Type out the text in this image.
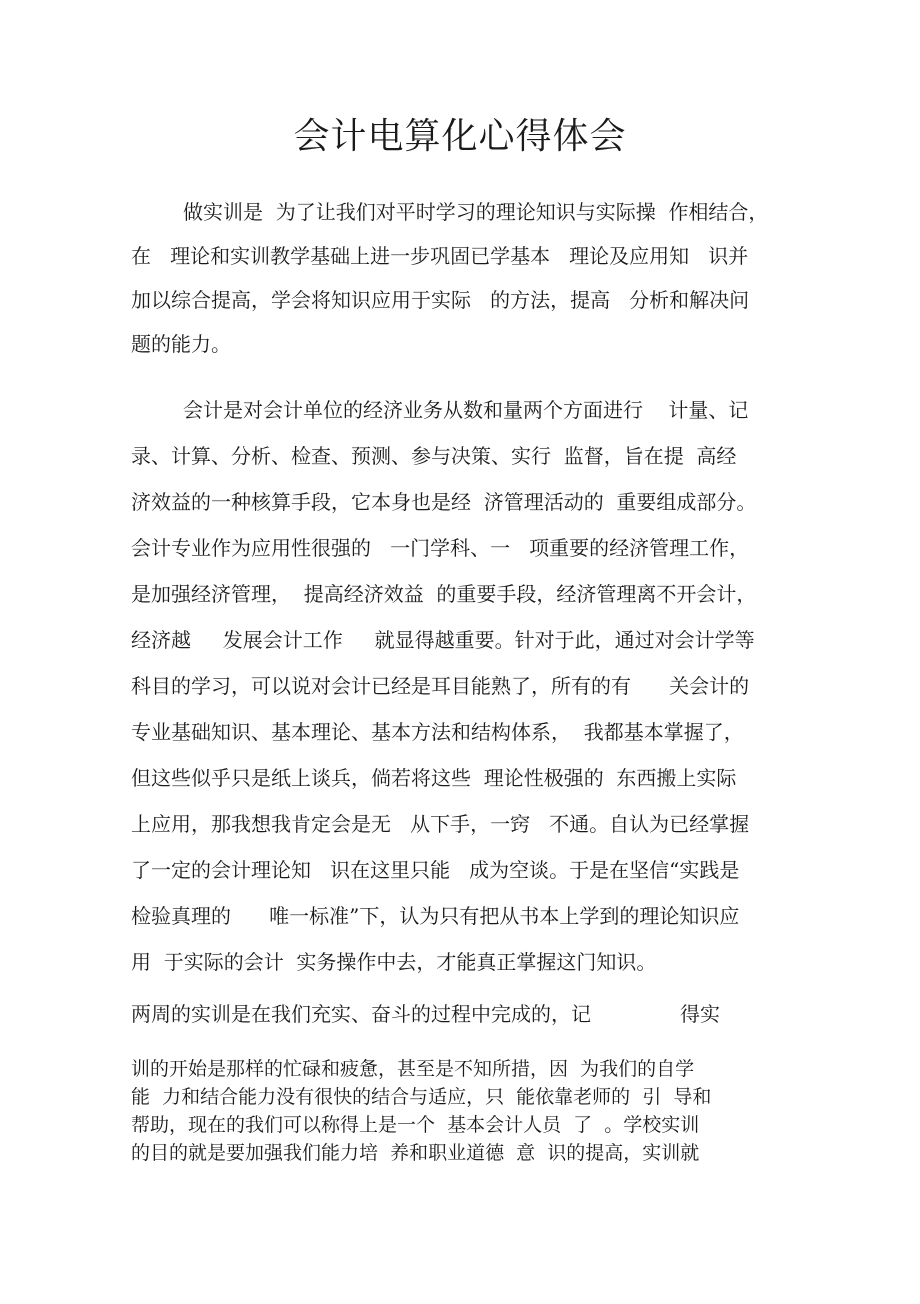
会计电算化心得体会
做实训是  为了让我们对平时学习的理论知识与实际操  作相结合，
在   理论和实训教学基础上进一步巩固已学基本   理论及应用知   识并
加以综合提高，学会将知识应用于实际   的方法，提高   分析和解决问
题的能力。
会计是对会计单位的经济业务从数和量两个方面进行    计量、记
录、计算、分析、检查、预测、参与决策、实行  监督，旨在提  高经
济效益的一种核算手段，它本身也是经  济管理活动的  重要组成部分。
会计专业作为应用性很强的   一门学科、一   项重要的经济管理工作，
是加强经济管理，  提高经济效益  的重要手段，经济管理离不开会计，
经济越     发展会计工作     就显得越重要。针对于此，通过对会计学等
科目的学习，可以说对会计已经是耳目能熟了，所有的有      关会计的
专业基础知识、基本理论、基本方法和结构体系，  我都基本掌握了，
但这些似乎只是纸上谈兵，倘若将这些  理论性极强的  东西搬上实际
上应用，那我想我肯定会是无   从下手，一窍   不通。自认为已经掌握
了一定的会计理论知   识在这里只能   成为空谈。于是在坚信“实践是
检验真理的      唯一标准”下，认为只有把从书本上学到的理论知识应
用  于实际的会计  实务操作中去，才能真正掌握这门知识。
两周的实训是在我们充实、奋斗的过程中完成的，记              得实
训的开始是那样的忙碌和疲惫，甚至是不知所措，因  为我们的自学
能  力和结合能力没有很快的结合与适应，只  能依靠老师的  引  导和
帮助，现在的我们可以称得上是一个  基本会计人员  了  。学校实训
的目的就是要加强我们能力培  养和职业道德  意  识的提高，实训就
